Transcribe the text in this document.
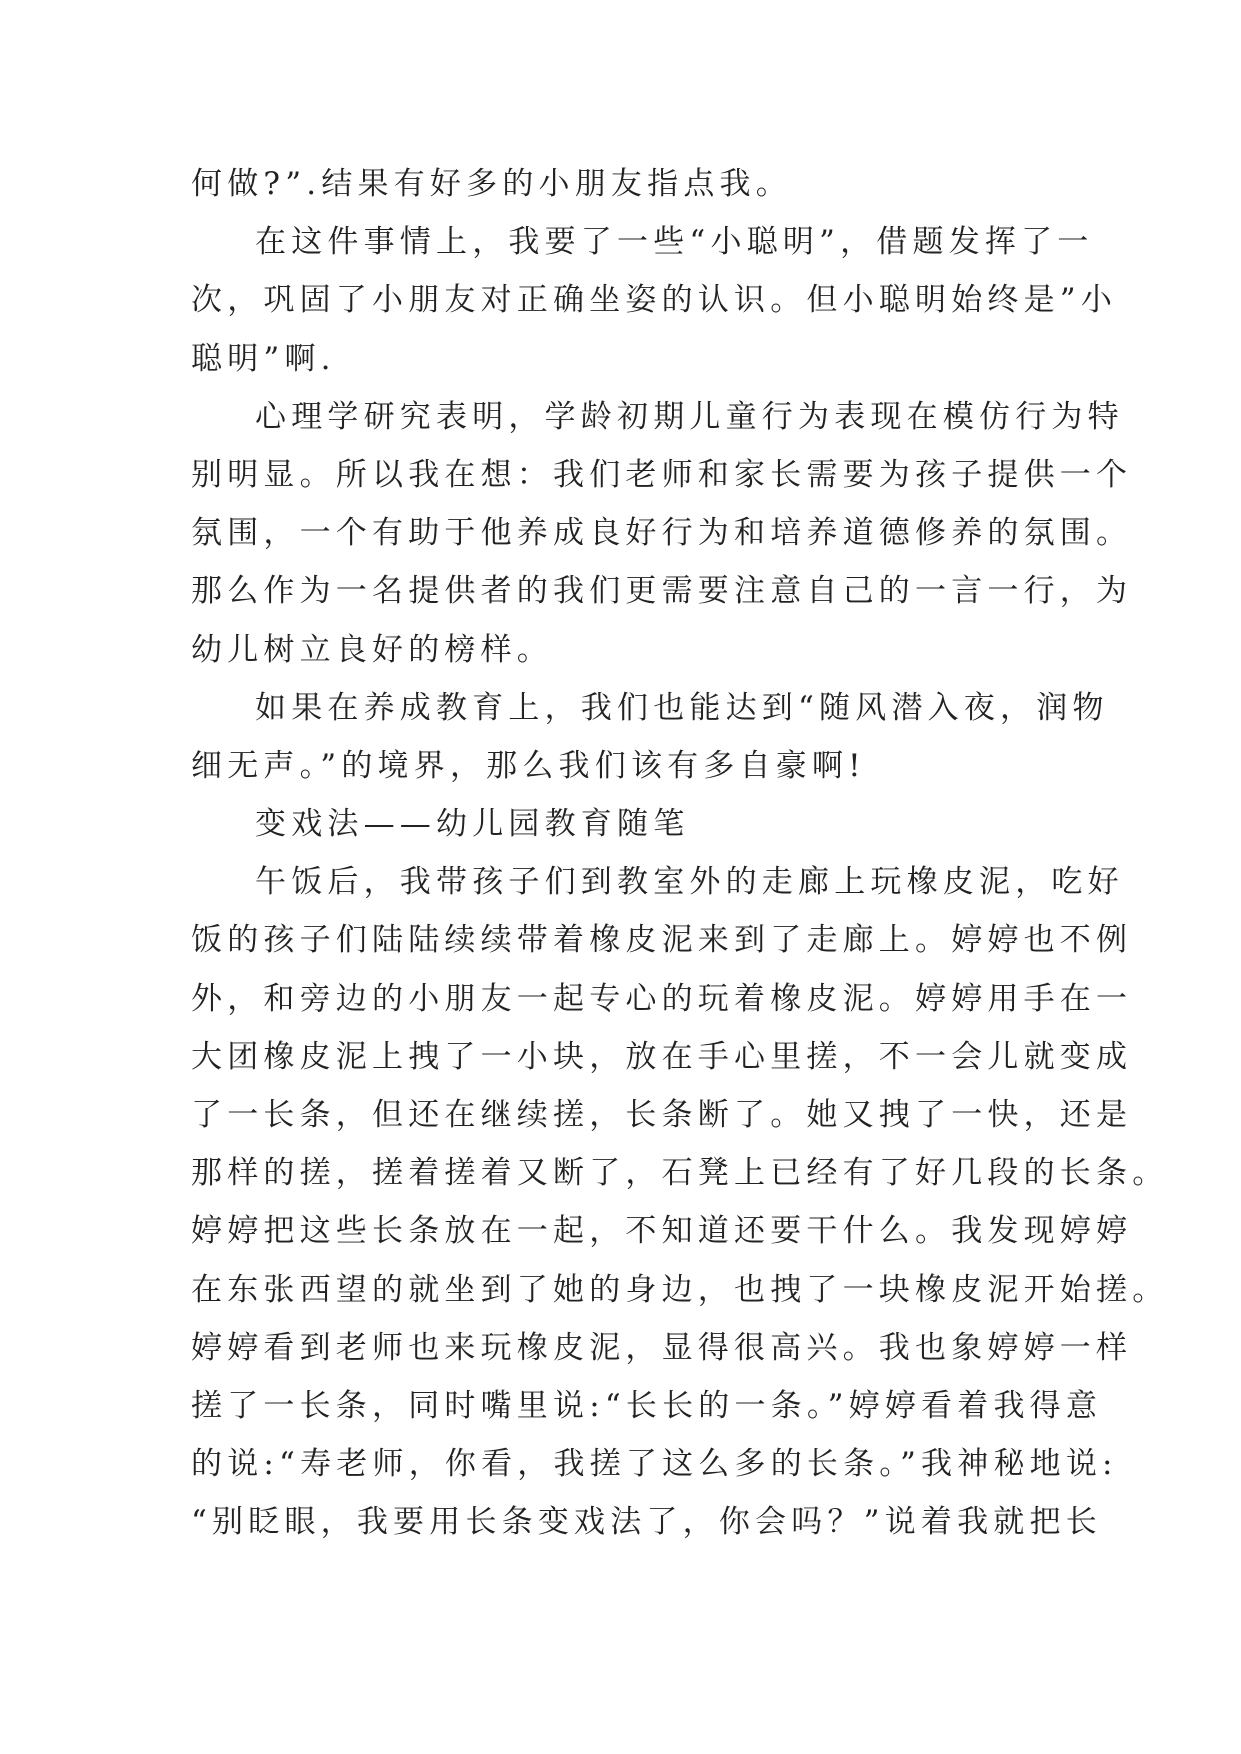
何做?”.结果有好多的小朋友指点我。
在这件事情上，我要了一些“小聪明”，借题发挥了一
次，巩固了小朋友对正确坐姿的认识。但小聪明始终是”小
聪明”啊.
心理学研究表明，学龄初期儿童行为表现在模仿行为特
别明显。所以我在想：我们老师和家长需要为孩子提供一个
氛围，一个有助于他养成良好行为和培养道德修养的氛围。
那么作为一名提供者的我们更需要注意自己的一言一行，为
幼儿树立良好的榜样。
如果在养成教育上，我们也能达到“随风潜入夜，润物
细无声。”的境界，那么我们该有多自豪啊!
变戏法——幼儿园教育随笔
午饭后，我带孩子们到教室外的走廊上玩橡皮泥，吃好
饭的孩子们陆陆续续带着橡皮泥来到了走廊上。婷婷也不例
外，和旁边的小朋友一起专心的玩着橡皮泥。婷婷用手在一
大团橡皮泥上拽了一小块，放在手心里搓，不一会儿就变成
了一长条，但还在继续搓，长条断了。她又拽了一快，还是
那样的搓，搓着搓着又断了，石凳上已经有了好几段的长条。
婷婷把这些长条放在一起，不知道还要干什么。我发现婷婷
在东张西望的就坐到了她的身边，也拽了一块橡皮泥开始搓。
婷婷看到老师也来玩橡皮泥，显得很高兴。我也象婷婷一样
搓了一长条，同时嘴里说:“长长的一条。”婷婷看着我得意
的说:“寿老师，你看，我搓了这么多的长条。”我神秘地说:
“别眨眼，我要用长条变戏法了，你会吗？”说着我就把长
